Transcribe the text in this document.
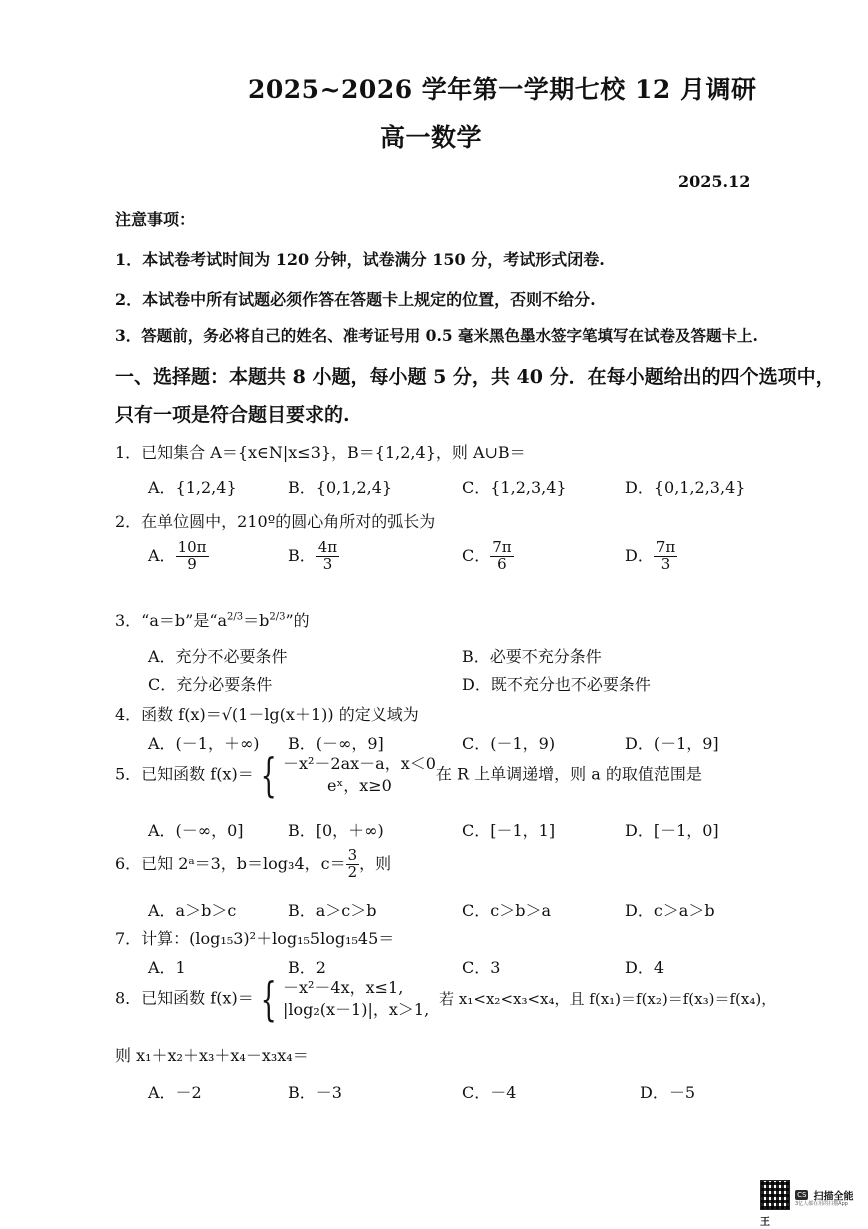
2025~2026 学年第一学期七校 12 月调研
高一数学
2025.12
注意事项：
1．本试卷考试时间为 120 分钟，试卷满分 150 分，考试形式闭卷.
2．本试卷中所有试题必须作答在答题卡上规定的位置，否则不给分.
3．答题前，务必将自己的姓名、准考证号用 0.5 毫米黑色墨水签字笔填写在试卷及答题卡上.
一、选择题：本题共 8 小题，每小题 5 分，共 40 分．在每小题给出的四个选项中，
只有一项是符合题目要求的.
1．已知集合 A＝{x∈N|x≤3}，B＝{1,2,4}，则 A∪B＝
A．{1,2,4}	B．{0,1,2,4}	C．{1,2,3,4}	D．{0,1,2,3,4}
2．在单位圆中，210º的圆心角所对的弧长为
A． $\frac{10\pi}{9}$	B． $\frac{4\pi}{3}$	C． $\frac{7\pi}{6}$	D． $\frac{7\pi}{3}$
3．“a＝b”是“$a^{2/3}=b^{2/3}$”的
A．充分不必要条件	B．必要不充分条件
C．充分必要条件	D．既不充分也不必要条件
4．函数 f(x)＝√(1－lg(x＋1)) 的定义域为
A．(－1，＋∞) B．(－∞，9]	C．(－1，9)	D．(－1，9]
5．已知函数 f(x)＝ { －x²－2ax－a，x＜0
eˣ，x≥0
在 R 上单调递增，则 a 的取值范围是
A．(－∞，0]	B．[0，＋∞)	C．[－1，1]	D．[－1，0]
6．已知 2ᵃ＝3，b＝log₃4，$c= \frac{3}{2}$ ，则
A．a＞b＞c	B．a＞c＞b	C．c＞b＞a	D．c＞a＞b
7．计算：(log₁₅3)²＋log₁₅5log₁₅45＝
A．1	B．2	C．3	D．4
8．已知函数 f(x)＝ { －x²－4x，x≤1,
|log₂(x－1)|，x＞1,
若 x₁<x₂<x₃<x₄，且 f(x₁)＝f(x₂)＝f(x₃)＝f(x₄)，
则 x₁＋x₂＋x₃＋x₄－x₃x₄＝
A．－2	B．－3	C．－4	D．－5
CS 扫描全能王
3亿人都在用的扫描App
